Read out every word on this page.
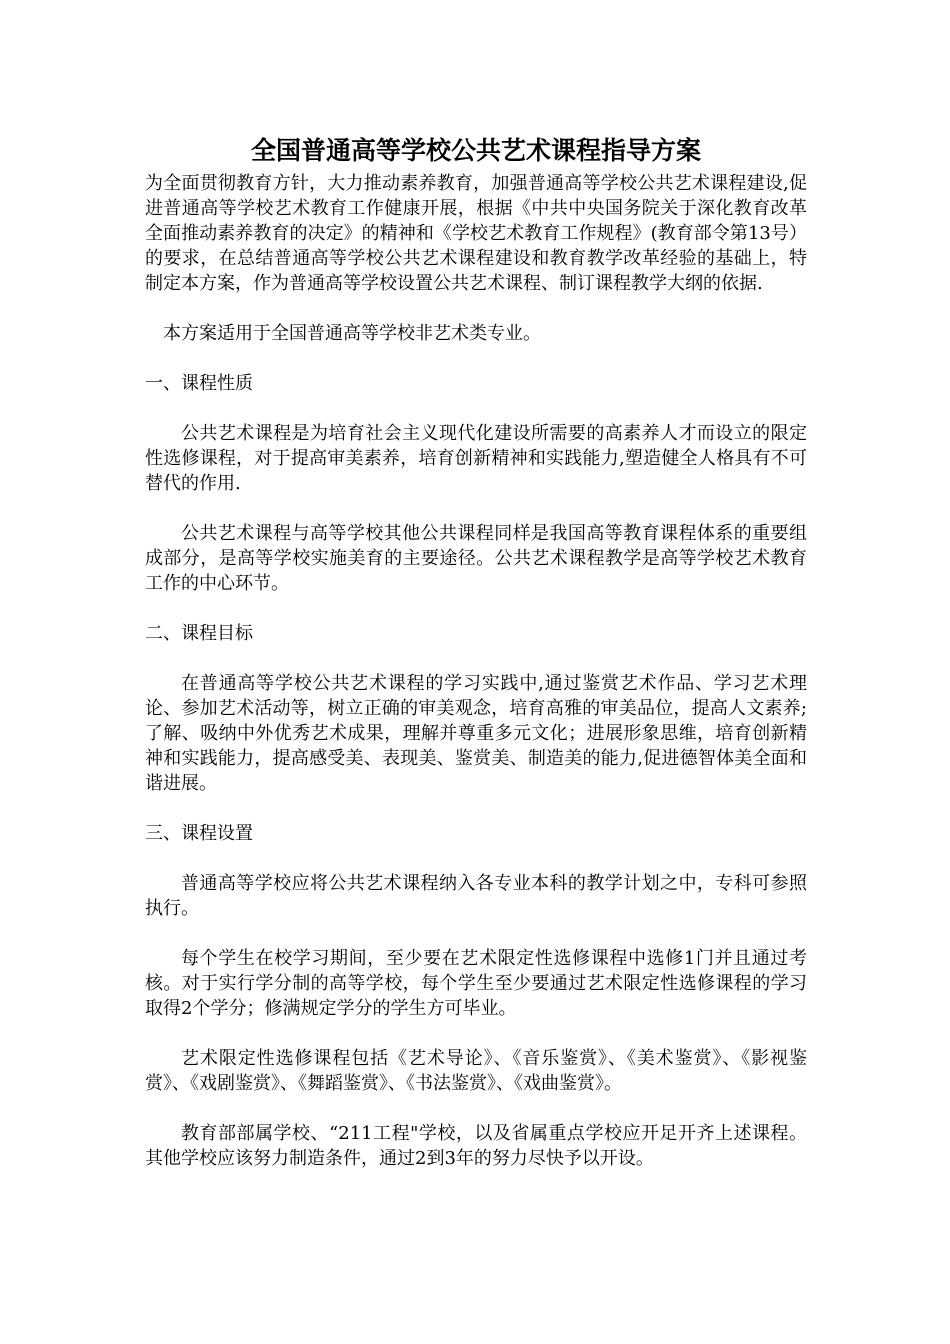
全国普通高等学校公共艺术课程指导方案

为全面贯彻教育方针，大力推动素养教育，加强普通高等学校公共艺术课程建设,促进普通高等学校艺术教育工作健康开展，根据《中共中央国务院关于深化教育改革全面推动素养教育的决定》的精神和《学校艺术教育工作规程》(教育部令第13号）的要求，在总结普通高等学校公共艺术课程建设和教育教学改革经验的基础上，特制定本方案，作为普通高等学校设置公共艺术课程、制订课程教学大纲的依据.

本方案适用于全国普通高等学校非艺术类专业。

一、课程性质

公共艺术课程是为培育社会主义现代化建设所需要的高素养人才而设立的限定性选修课程，对于提高审美素养，培育创新精神和实践能力,塑造健全人格具有不可替代的作用.

公共艺术课程与高等学校其他公共课程同样是我国高等教育课程体系的重要组成部分，是高等学校实施美育的主要途径。公共艺术课程教学是高等学校艺术教育工作的中心环节。

二、课程目标

在普通高等学校公共艺术课程的学习实践中,通过鉴赏艺术作品、学习艺术理论、参加艺术活动等，树立正确的审美观念，培育高雅的审美品位，提高人文素养;了解、吸纳中外优秀艺术成果，理解并尊重多元文化；进展形象思维，培育创新精神和实践能力，提高感受美、表现美、鉴赏美、制造美的能力,促进德智体美全面和谐进展。

三、课程设置

普通高等学校应将公共艺术课程纳入各专业本科的教学计划之中，专科可参照执行。

每个学生在校学习期间，至少要在艺术限定性选修课程中选修1门并且通过考核。对于实行学分制的高等学校，每个学生至少要通过艺术限定性选修课程的学习取得2个学分；修满规定学分的学生方可毕业。

艺术限定性选修课程包括《艺术导论》、《音乐鉴赏》、《美术鉴赏》、《影视鉴赏》、《戏剧鉴赏》、《舞蹈鉴赏》、《书法鉴赏》、《戏曲鉴赏》。

教育部部属学校、“211工程"学校，以及省属重点学校应开足开齐上述课程。其他学校应该努力制造条件，通过2到3年的努力尽快予以开设。
